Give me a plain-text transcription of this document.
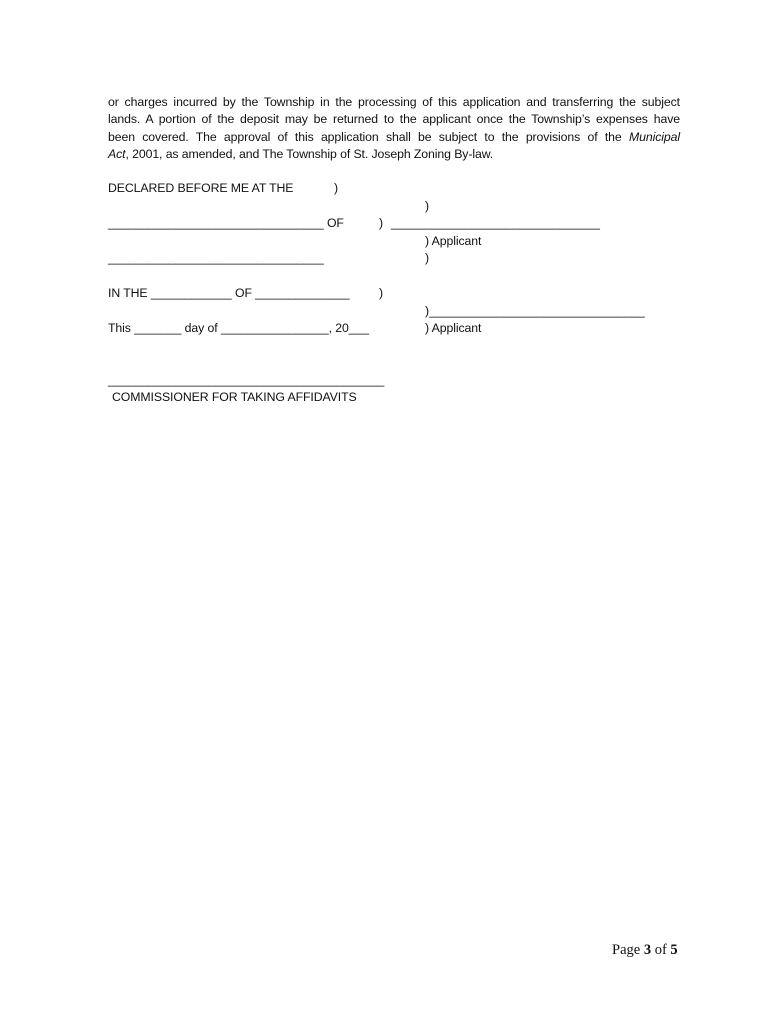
or charges incurred by the Township in the processing of this application and transferring the subject
lands. A portion of the deposit may be returned to the applicant once the Township’s expenses have
been covered. The approval of this application shall be subject to the provisions of the Municipal
Act, 2001, as amended, and The Township of St. Joseph Zoning By-law.
DECLARED BEFORE ME AT THE	)
)
________________________________ OF	) _______________________________
) Applicant
________________________________	)
IN THE ____________ OF ______________ )
)________________________________
This _______ day of ________________, 20___	) Applicant
_________________________________________
COMMISSIONER FOR TAKING AFFIDAVITS
Page 3 of 5
